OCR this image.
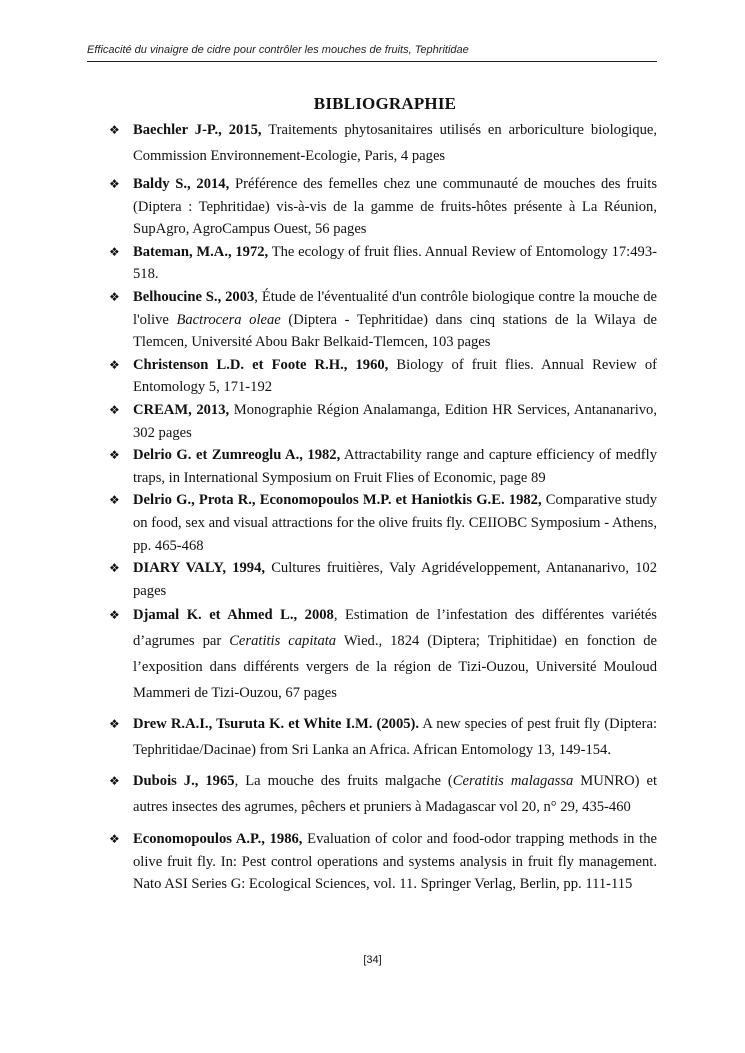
Efficacité du vinaigre de cidre pour contrôler les mouches de fruits, Tephritidae
BIBLIOGRAPHIE
❖ Baechler J-P., 2015, Traitements phytosanitaires utilisés en arboriculture biologique, Commission Environnement-Ecologie, Paris, 4 pages
❖ Baldy S., 2014, Préférence des femelles chez une communauté de mouches des fruits (Diptera : Tephritidae) vis-à-vis de la gamme de fruits-hôtes présente à La Réunion, SupAgro, AgroCampus Ouest, 56 pages
❖ Bateman, M.A., 1972, The ecology of fruit flies. Annual Review of Entomology 17:493-518.
❖ Belhoucine S., 2003, Étude de l'éventualité d'un contrôle biologique contre la mouche de l'olive Bactrocera oleae (Diptera - Tephritidae) dans cinq stations de la Wilaya de Tlemcen, Université Abou Bakr Belkaid-Tlemcen, 103 pages
❖ Christenson L.D. et Foote R.H., 1960, Biology of fruit flies. Annual Review of Entomology 5, 171-192
❖ CREAM, 2013, Monographie Région Analamanga, Edition HR Services, Antananarivo, 302 pages
❖ Delrio G. et Zumreoglu A., 1982, Attractability range and capture efficiency of medfly traps, in International Symposium on Fruit Flies of Economic, page 89
❖ Delrio G., Prota R., Economopoulos M.P. et Haniotkis G.E. 1982, Comparative study on food, sex and visual attractions for the olive fruits fly. CEIIOBC Symposium - Athens, pp. 465-468
❖ DIARY VALY, 1994, Cultures fruitières, Valy Agridéveloppement, Antananarivo, 102 pages
❖ Djamal K. et Ahmed L., 2008, Estimation de l’infestation des différentes variétés d’agrumes par Ceratitis capitata Wied., 1824 (Diptera; Triphitidae) en fonction de l’exposition dans différents vergers de la région de Tizi-Ouzou, Université Mouloud Mammeri de Tizi-Ouzou, 67 pages
❖ Drew R.A.I., Tsuruta K. et White I.M. (2005). A new species of pest fruit fly (Diptera: Tephritidae/Dacinae) from Sri Lanka an Africa. African Entomology 13, 149-154.
❖ Dubois J., 1965, La mouche des fruits malgache (Ceratitis malagassa MUNRO) et autres insectes des agrumes, pêchers et pruniers à Madagascar vol 20, n° 29, 435-460
❖ Economopoulos A.P., 1986, Evaluation of color and food-odor trapping methods in the olive fruit fly. In: Pest control operations and systems analysis in fruit fly management. Nato ASI Series G: Ecological Sciences, vol. 11. Springer Verlag, Berlin, pp. 111-115
[34]
